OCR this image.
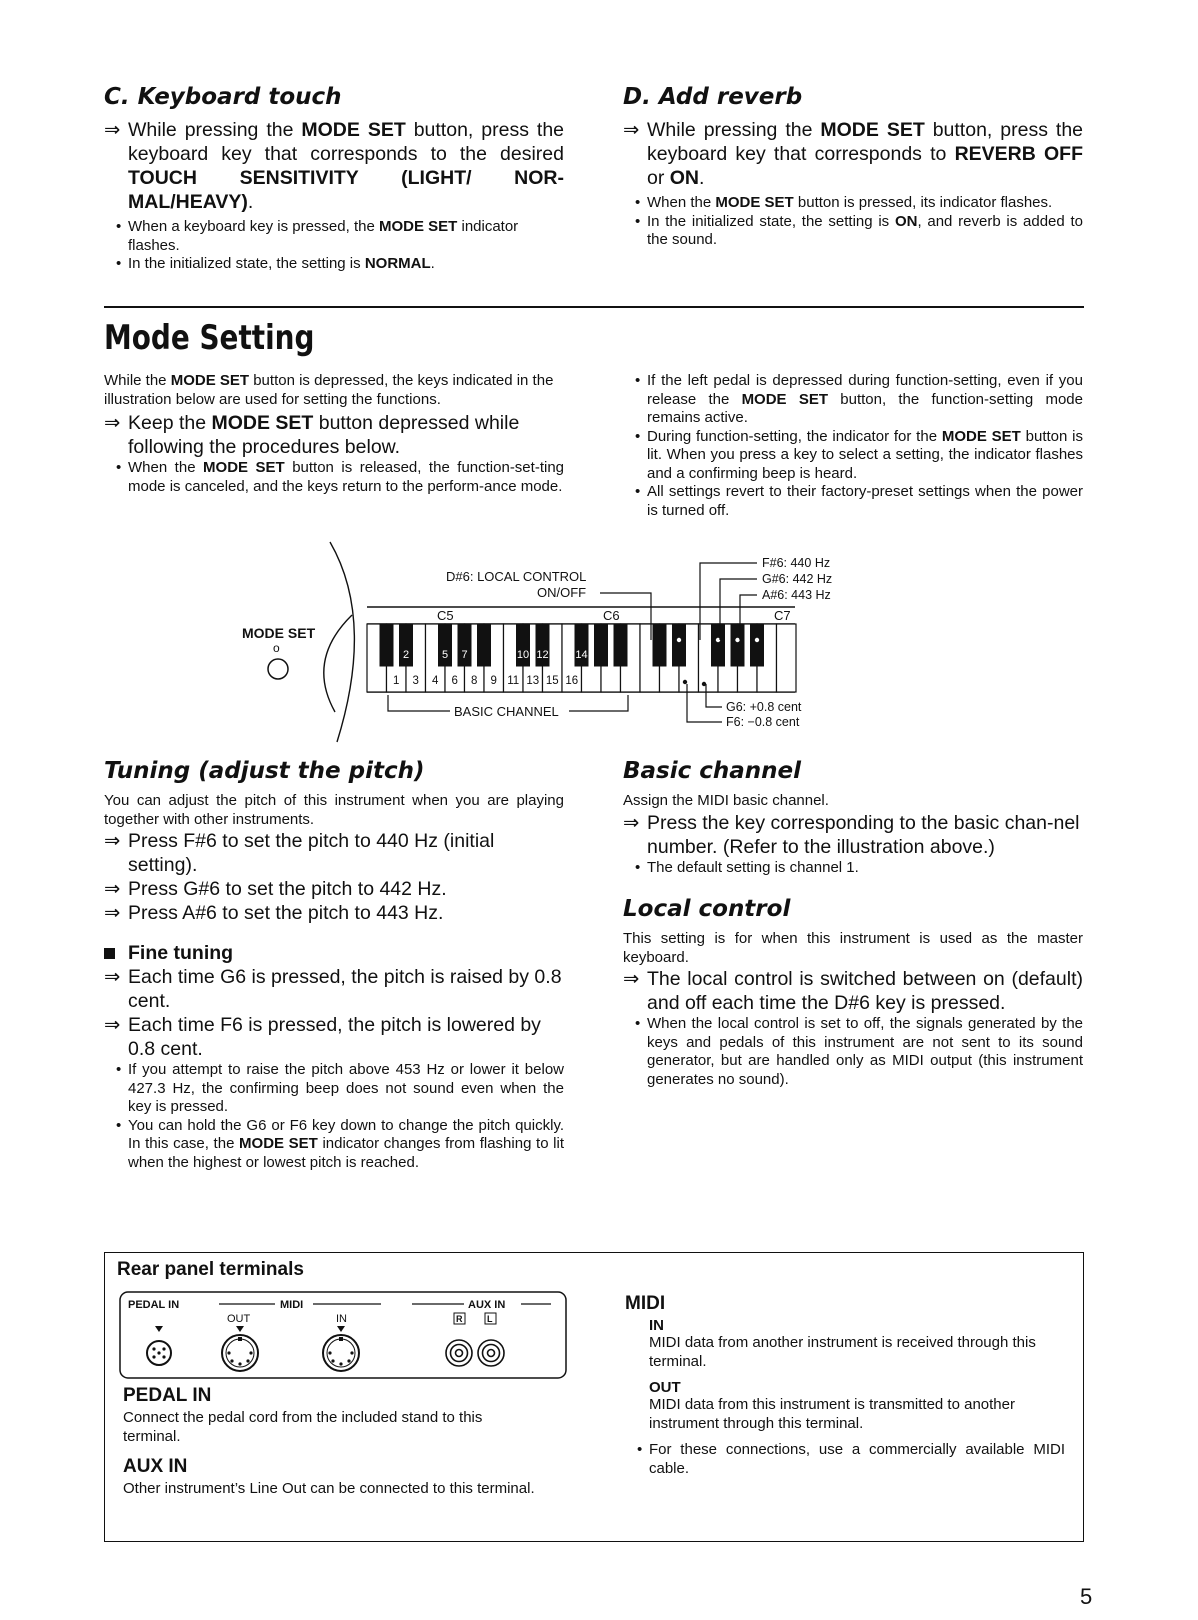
C. Keyboard touch

⇒ While pressing the MODE SET button, press the keyboard key that corresponds to the desired TOUCH SENSITIVITY (LIGHT/ NOR-MAL/HEAVY).

• When a keyboard key is pressed, the MODE SET indicator flashes.

• In the initialized state, the setting is NORMAL.

D. Add reverb

⇒ While pressing the MODE SET button, press the keyboard key that corresponds to REVERB OFF or ON.

• When the MODE SET button is pressed, its indicator flashes.

• In the initialized state, the setting is ON, and reverb is added to the sound.

Mode Setting

While the MODE SET button is depressed, the keys indicated in the illustration below are used for setting the functions.

⇒ Keep the MODE SET button depressed while following the procedures below.

• When the MODE SET button is released, the function-set-ting mode is canceled, and the keys return to the perform-ance mode.

• If the left pedal is depressed during function-setting, even if you release the MODE SET button, the function-setting mode remains active.

• During function-setting, the indicator for the MODE SET button is lit. When you press a key to select a setting, the indicator flashes and a confirming beep is heard.

• All settings revert to their factory-preset settings when the power is turned off.

MODE SET
o	2	5 7	10 12 14
1 3 4 6 8 9 11 13 15 16
C5	C6	C7
D#6: LOCAL CONTROL
ON/OFF
F#6: 440 Hz
G#6: 442 Hz
A#6: 443 Hz
BASIC CHANNEL	G6: +0.8 cent
F6: −0.8 cent
Tuning (adjust the pitch)

You can adjust the pitch of this instrument when you are playing together with other instruments.

⇒ Press F#6 to set the pitch to 440 Hz (initial setting).

⇒ Press G#6 to set the pitch to 442 Hz.

⇒ Press A#6 to set the pitch to 443 Hz.

Fine tuning

⇒ Each time G6 is pressed, the pitch is raised by 0.8 cent.

⇒ Each time F6 is pressed, the pitch is lowered by 0.8 cent.

• If you attempt to raise the pitch above 453 Hz or lower it below 427.3 Hz, the confirming beep does not sound even when the key is pressed.

• You can hold the G6 or F6 key down to change the pitch quickly. In this case, the MODE SET indicator changes from flashing to lit when the highest or lowest pitch is reached.

Basic channel

Assign the MIDI basic channel.

⇒ Press the key corresponding to the basic chan-nel number. (Refer to the illustration above.)

• The default setting is channel 1.

Local control

This setting is for when this instrument is used as the master keyboard.

⇒ The local control is switched between on (default) and off each time the D#6 key is pressed.

• When the local control is set to off, the signals generated by the keys and pedals of this instrument are not sent to its sound generator, but are handled only as MIDI output (this instrument generates no sound).

Rear panel terminals
PEDAL IN	MIDI	AUX IN
OUT	IN	R	L
PEDAL IN

Connect the pedal cord from the included stand to this terminal.

AUX IN

Other instrument’s Line Out can be connected to this terminal.

MIDI
IN

MIDI data from another instrument is received through this terminal.

OUT

MIDI data from this instrument is transmitted to another instrument through this terminal.

• For these connections, use a commercially available MIDI cable.

5
